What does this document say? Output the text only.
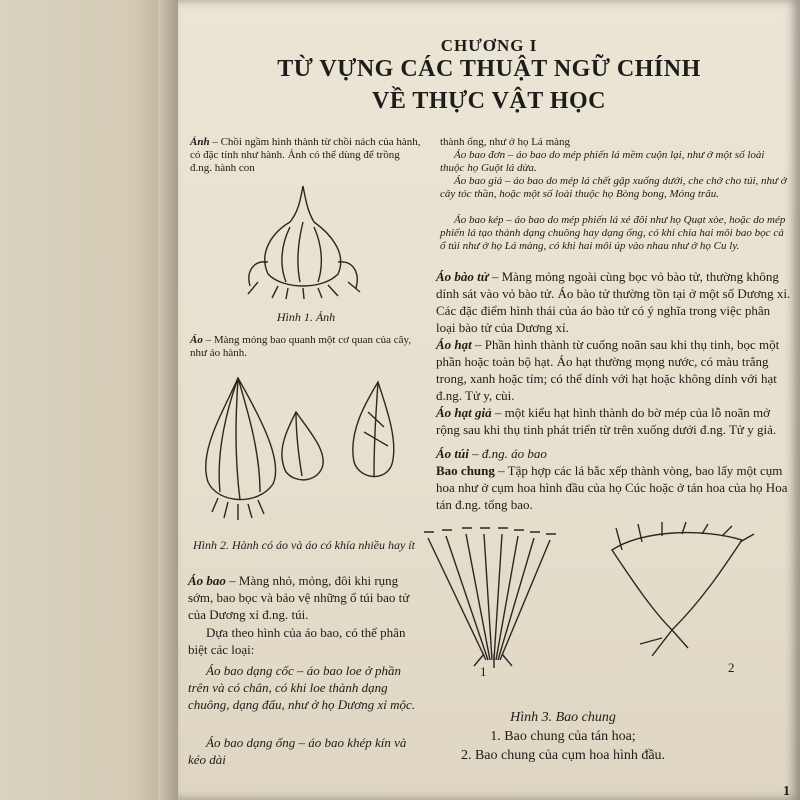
CHƯƠNG I
TỪ VỰNG CÁC THUẬT NGỮ CHÍNH
VỀ THỰC VẬT HỌC
Ảnh – Chồi ngầm hình thành từ chồi nách của hành, có đặc tính như hành. Ảnh có thể dùng để trồng đ.ng. hành con
Hình 1. Ảnh
Áo – Màng mỏng bao quanh một cơ quan của cây, như áo hành.
Hình 2. Hành có áo và áo có khía nhiều hay ít
Áo bao – Màng nhỏ, mỏng, đôi khi rụng sớm, bao bọc và bảo vệ những ổ túi bao tử của Dương xỉ đ.ng. túi.
Dựa theo hình của áo bao, có thể phân biệt các loại:
Áo bao dạng cốc – áo bao loe ở phần trên và có chân, có khi loe thành dạng chuông, dạng đấu, như ở họ Dương xỉ mộc.
Áo bao dạng ống – áo bao khép kín và kéo dài
thành ống, như ở họ Lá màng
Áo bao đơn – áo bao do mép phiến lá mềm cuộn lại, như ở một số loài thuộc họ Guột lá dừa.
Áo bao giả – áo bao do mép lá chết gập xuống dưới, che chở cho túi, như ở cây tóc thần, hoặc một số loài thuộc họ Bòng bong, Móng trâu.
Áo bao kép – áo bao do mép phiến lá xẻ đôi như họ Quạt xòe, hoặc do mép phiến lá tạo thành dạng chuông hay dạng ống, có khi chia hai môi bao bọc cả ổ túi như ở họ Lá màng, có khi hai môi úp vào nhau như ở họ Cu ly.
Áo bào tử – Màng mỏng ngoài cùng bọc vỏ bào tử, thường không dính sát vào vỏ bào tử. Áo bào tử thường tồn tại ở một số Dương xỉ. Các đặc điểm hình thái của áo bào tử có ý nghĩa trong việc phân loại bào tử của Dương xỉ.
Áo hạt – Phần hình thành từ cuống noãn sau khi thụ tinh, bọc một phần hoặc toàn bộ hạt. Áo hạt thường mọng nước, có màu trắng trong, xanh hoặc tím; có thể dính với hạt hoặc không dính với hạt đ.ng. Tử y, cùi.
Áo hạt giả – một kiểu hạt hình thành do bờ mép của lỗ noãn mở rộng sau khi thụ tinh phát triển từ trên xuống dưới đ.ng. Tử y giả.
Áo túi – đ.ng. áo bao
Bao chung – Tập hợp các lá bắc xếp thành vòng, bao lấy một cụm hoa như ở cụm hoa hình đầu của họ Cúc hoặc ở tán hoa của họ Hoa tán đ.ng. tổng bao.
1	2
Hình 3. Bao chung
1. Bao chung của tán hoa;
2. Bao chung của cụm hoa hình đầu.
1
